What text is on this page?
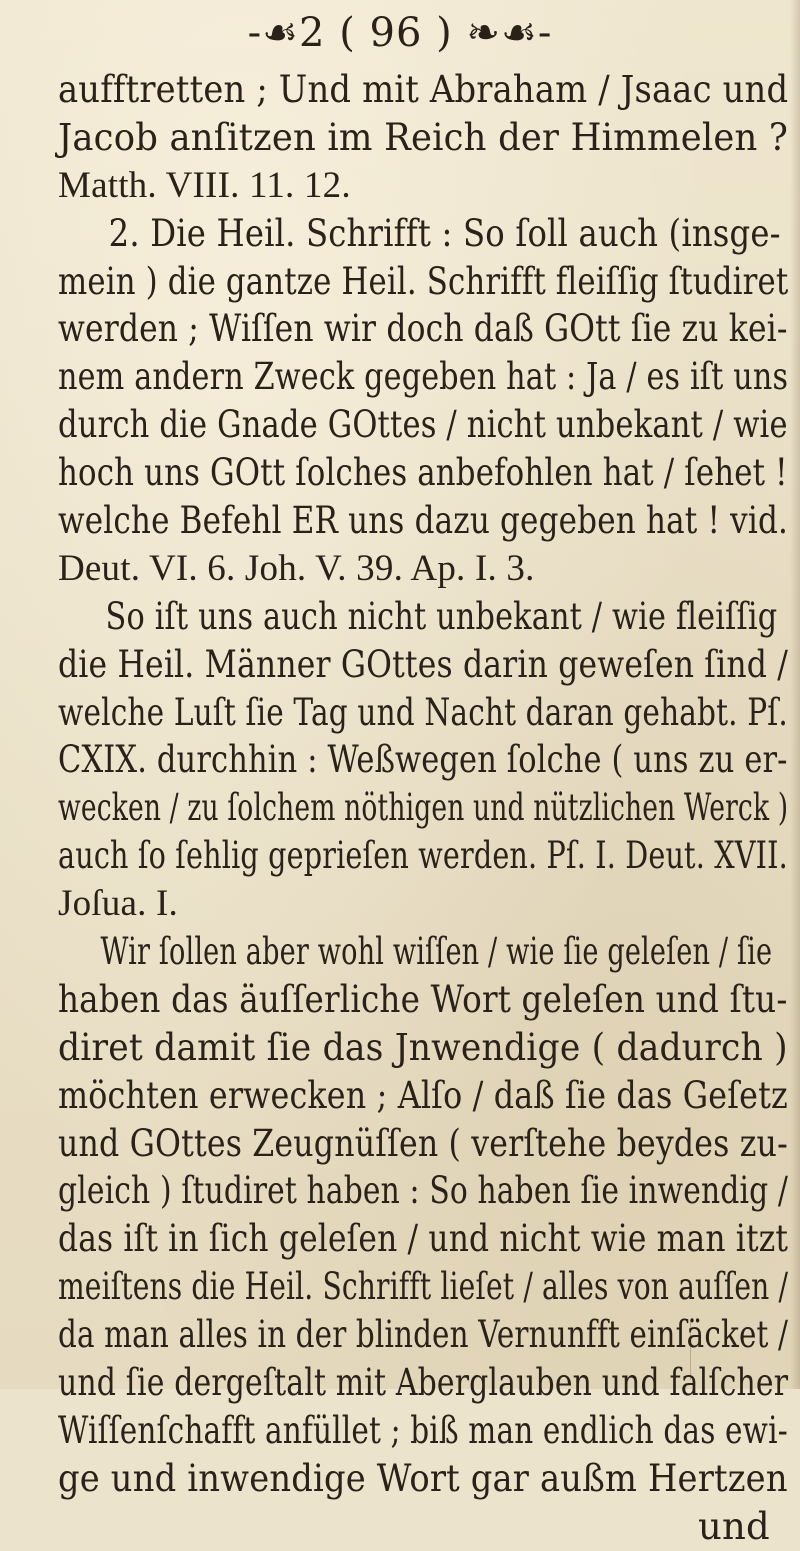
-☙2 ( 96 ) ❧☙-
aufftretten ; Und mit Abraham / Jsaac und
Jacob anſitzen im Reich der Himmelen ?
Matth. VIII. 11. 12.
2. Die Heil. Schrifft : So ſoll auch (insge-
mein ) die gantze Heil. Schrifft fleiſſig ſtudiret
werden ; Wiſſen wir doch daß GOtt ſie zu kei-
nem andern Zweck gegeben hat : Ja / es iſt uns
durch die Gnade GOttes / nicht unbekant / wie
hoch uns GOtt ſolches anbefohlen hat / ſehet !
welche Befehl ER uns dazu gegeben hat ! vid.
Deut. VI. 6. Joh. V. 39. Ap. I. 3.
So iſt uns auch nicht unbekant / wie fleiſſig
die Heil. Männer GOttes darin geweſen ſind /
welche Luſt ſie Tag und Nacht daran gehabt. Pſ.
CXIX. durchhin : Weßwegen ſolche ( uns zu er-
wecken / zu ſolchem nöthigen und nützlichen Werck )
auch ſo ſehlig geprieſen werden. Pſ. I. Deut. XVII.
Joſua. I.
Wir ſollen aber wohl wiſſen / wie ſie geleſen / ſie
haben das äuſſerliche Wort geleſen und ſtu-
diret damit ſie das Jnwendige ( dadurch )
möchten erwecken ; Alſo / daß ſie das Geſetz
und GOttes Zeugnüſſen ( verſtehe beydes zu-
gleich ) ſtudiret haben : So haben ſie inwendig /
das iſt in ſich geleſen / und nicht wie man itzt
meiſtens die Heil. Schrifft lieſet / alles von auſſen /
da man alles in der blinden Vernunfft einſäcket /
und ſie dergeſtalt mit Aberglauben und falſcher
Wiſſenſchafft anfüllet ; biß man endlich das ewi-
ge und inwendige Wort gar außm Hertzen
und
